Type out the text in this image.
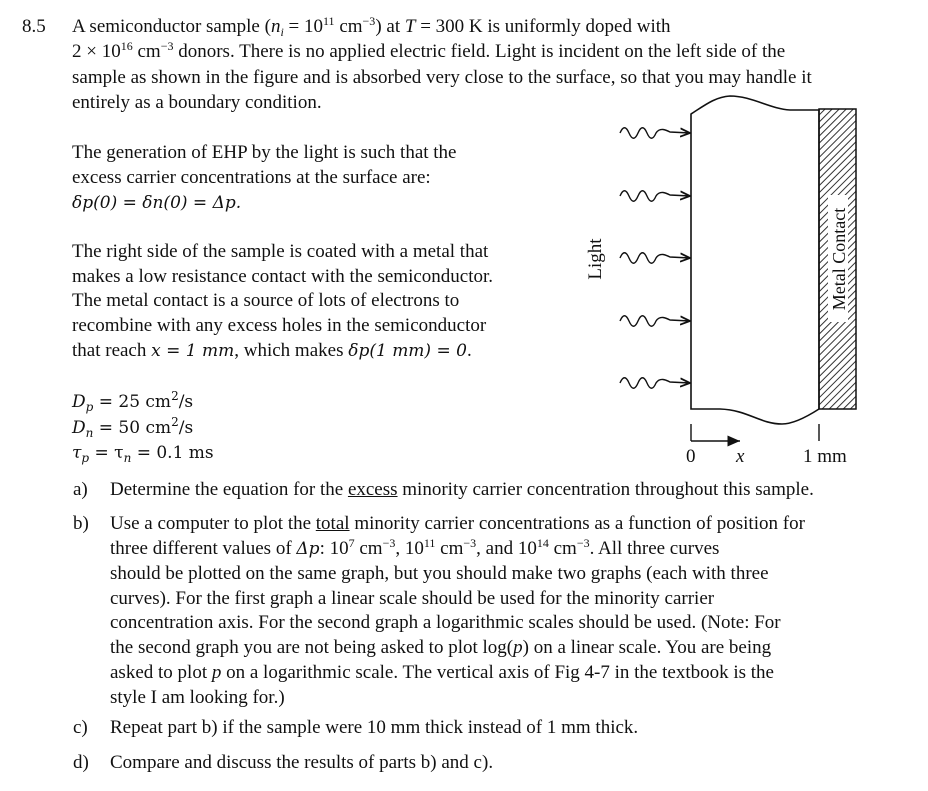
8.5 A semiconductor sample ($n_i = 10^{11}$ $cm^{-3}$) at T = 300 K is uniformly doped with
$2 \times 10^{16}$ $cm^{-3}$ donors. There is no applied electric field. Light is incident on the left side of the
sample as shown in the figure and is absorbed very close to the surface, so that you may handle it
entirely as a boundary condition.
The generation of EHP by the light is such that the
excess carrier concentrations at the surface are:
δp(0) = δn(0) = Δp.
The right side of the sample is coated with a metal that
makes a low resistance contact with the semiconductor.
The metal contact is a source of lots of electrons to
recombine with any excess holes in the semiconductor
that reach x = 1 mm, which makes δp(1 mm) = 0.
$D_p = 25$ $cm^2/s$
$D_n = 50$ $cm^2/s$
$\tau_p = \tau_n = 0.1$ ms
a) Determine the equation for the excess minority carrier concentration throughout this sample.
b) Use a computer to plot the total minority carrier concentrations as a function of position for
three different values of Δp: $10^7$ $cm^{-3}$, $10^{11}$ $cm^{-3}$, and $10^{14}$ $cm^{-3}$. All three curves
should be plotted on the same graph, but you should make two graphs (each with three
curves). For the first graph a linear scale should be used for the minority carrier
concentration axis. For the second graph a logarithmic scales should be used. (Note: For
the second graph you are not being asked to plot log(p) on a linear scale. You are being
asked to plot p on a logarithmic scale. The vertical axis of Fig 4-7 in the textbook is the
style I am looking for.)
c) Repeat part b) if the sample were 10 mm thick instead of 1 mm thick.
d) Compare and discuss the results of parts b) and c).
Light	Metal Contact
0 x	1 mm
